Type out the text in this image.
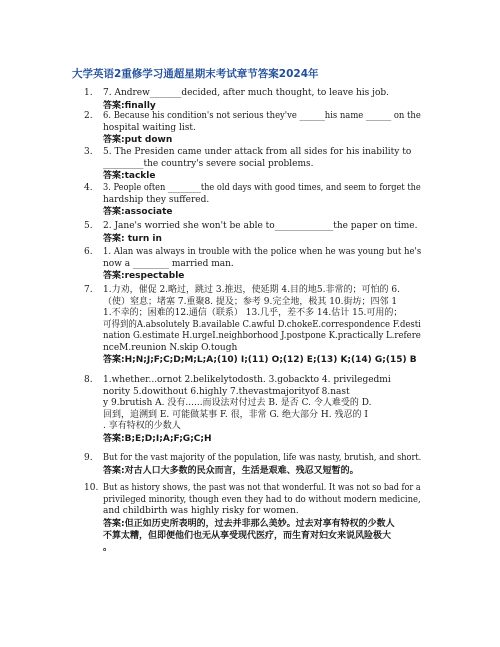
大学英语2重修学习通超星期末考试章节答案2024年
1. 7. Andrew_______decided, after much thought, to leave his job.
答案:finally
2. 6. Because his condition's not serious they've ______his name ______ on the
hospital waiting list.
答案:put down
3. 5. The Presiden came under attack from all sides for his inability to
_________the country's severe social problems.
答案:tackle
4. 3. People often ________the old days with good times, and seem to forget the
hardship they suffered.
答案:associate
5. 2. Jane's worried she won't be able to_____________the paper on time.
答案: turn in
6. 1. Alan was always in trouble with the police when he was young but he's
now a ________ married man.
答案:respectable
7. 1.力劝，催促 2.略过，跳过 3.推迟，使延期 4.目的地5.非常的；可怕的 6.
（使）窒息；堵塞 7.重聚8. 提及；参考 9.完全地，极其 10.街坊；四邻 1
1.不幸的；困难的12.通信（联系） 13.几乎，差不多 14.估计 15.可用的；
可得到的A.absolutely B.available C.awful D.chokeE.correspondence F.desti
nation G.estimate H.urgeI.neighborhood J.postpone K.practically L.refere
nceM.reunion N.skip O.tough
答案:H;N;J;F;C;D;M;L;A;(10) I;(11) O;(12) E;(13) K;(14) G;(15) B
8. 1.whether...ornot 2.belikelytodosth. 3.gobackto 4. privilegedmi
nority 5.dowithout 6.highly 7.thevastmajorityof 8.nast
y 9.brutish A. 没有......而设法对付过去 B. 是否 C. 令人难受的 D.
回到，追溯到 E. 可能做某事 F. 很，非常 G. 绝大部分 H. 残忍的 I
. 享有特权的少数人
答案:B;E;D;I;A;F;G;C;H
9. But for the vast majority of the population, life was nasty, brutish, and short.
答案:对古人口大多数的民众而言，生活是艰难、残忍又短暂的。
10. But as history shows, the past was not that wonderful. It was not so bad for a
privileged minority, though even they had to do without modern medicine,
and childbirth was highly risky for women.
答案:但正如历史所表明的，过去并非那么美妙。过去对享有特权的少数人
不算太糟，但即便他们也无从享受现代医疗，而生育对妇女来说风险极大
。
